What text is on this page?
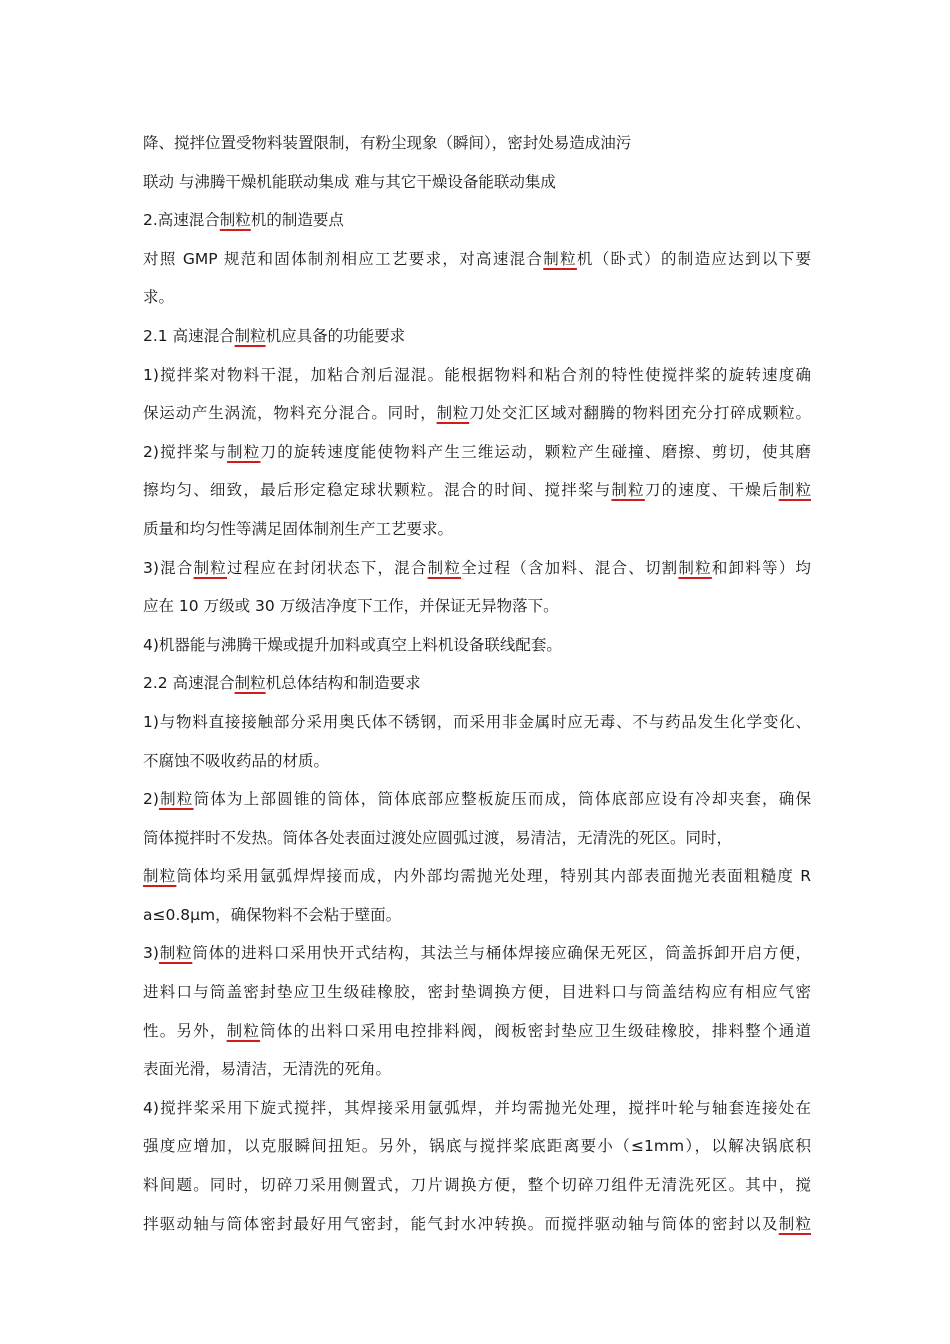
降、搅拌位置受物料装置限制，有粉尘现象（瞬间），密封处易造成油污
联动 与沸腾干燥机能联动集成 难与其它干燥设备能联动集成
2.高速混合制粒机的制造要点
对照 GMP 规范和固体制剂相应工艺要求，对高速混合制粒机（卧式）的制造应达到以下要
求。
2.1 高速混合制粒机应具备的功能要求
1)搅拌桨对物料干混，加粘合剂后湿混。能根据物料和粘合剂的特性使搅拌桨的旋转速度确
保运动产生涡流，物料充分混合。同时，制粒刀处交汇区域对翻腾的物料团充分打碎成颗粒。
2)搅拌桨与制粒刀的旋转速度能使物料产生三维运动，颗粒产生碰撞、磨擦、剪切，使其磨
擦均匀、细致，最后形定稳定球状颗粒。混合的时间、搅拌桨与制粒刀的速度、干燥后制粒
质量和均匀性等满足固体制剂生产工艺要求。
3)混合制粒过程应在封闭状态下，混合制粒全过程（含加料、混合、切割制粒和卸料等）均
应在 10 万级或 30 万级洁净度下工作，并保证无异物落下。
4)机器能与沸腾干燥或提升加料或真空上料机设备联线配套。
2.2 高速混合制粒机总体结构和制造要求
1)与物料直接接触部分采用奥氏体不锈钢，而采用非金属时应无毒、不与药品发生化学变化、
不腐蚀不吸收药品的材质。
2)制粒筒体为上部圆锥的筒体，筒体底部应整板旋压而成，筒体底部应设有冷却夹套，确保
筒体搅拌时不发热。筒体各处表面过渡处应圆弧过渡，易清洁，无清洗的死区。同时，
制粒筒体均采用氩弧焊焊接而成，内外部均需抛光处理，特别其内部表面抛光表面粗糙度 R
a≤0.8μm，确保物料不会粘于壁面。
3)制粒筒体的进料口采用快开式结构，其法兰与桶体焊接应确保无死区，筒盖拆卸开启方便，
进料口与筒盖密封垫应卫生级硅橡胶，密封垫调换方便，目进料口与筒盖结构应有相应气密
性。另外，制粒筒体的出料口采用电控排料阀，阀板密封垫应卫生级硅橡胶，排料整个通道
表面光滑，易清洁，无清洗的死角。
4)搅拌桨采用下旋式搅拌，其焊接采用氩弧焊，并均需抛光处理，搅拌叶轮与轴套连接处在
强度应增加，以克服瞬间扭矩。另外，锅底与搅拌桨底距离要小（≤1mm），以解决锅底积
料间题。同时，切碎刀采用侧置式，刀片调换方便，整个切碎刀组件无清洗死区。其中，搅
拌驱动轴与筒体密封最好用气密封，能气封水冲转换。而搅拌驱动轴与筒体的密封以及制粒
